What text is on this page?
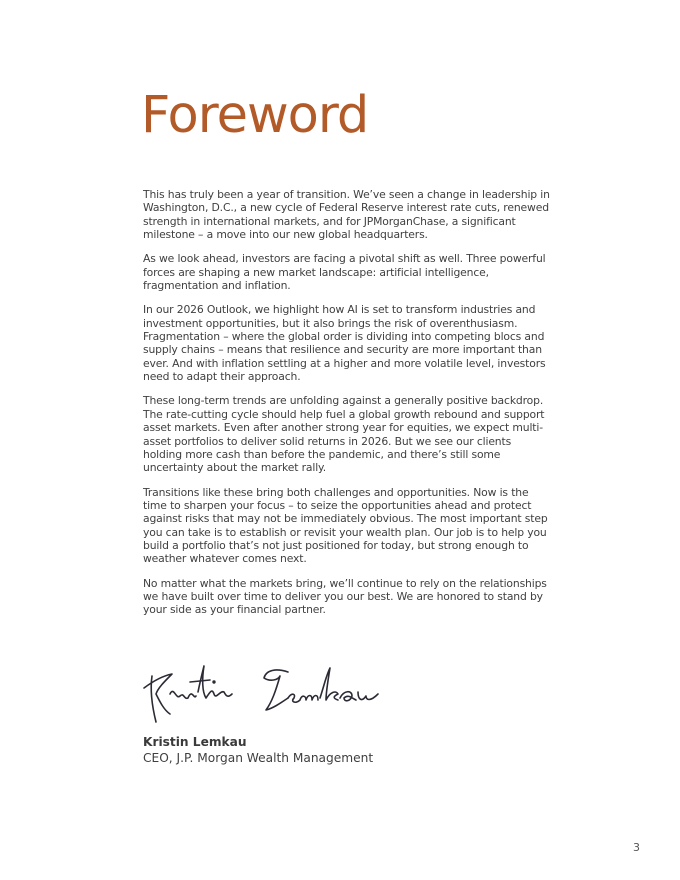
Foreword

This has truly been a year of transition. We’ve seen a change in leadership in Washington, D.C., a new cycle of Federal Reserve interest rate cuts, renewed strength in international markets, and for JPMorganChase, a significant milestone – a move into our new global headquarters.

As we look ahead, investors are facing a pivotal shift as well. Three powerful forces are shaping a new market landscape: artificial intelligence, fragmentation and inflation.

In our 2026 Outlook, we highlight how AI is set to transform industries and investment opportunities, but it also brings the risk of overenthusiasm. Fragmentation – where the global order is dividing into competing blocs and supply chains – means that resilience and security are more important than ever. And with inflation settling at a higher and more volatile level, investors need to adapt their approach.

These long-term trends are unfolding against a generally positive backdrop. The rate-cutting cycle should help fuel a global growth rebound and support asset markets. Even after another strong year for equities, we expect multi-asset portfolios to deliver solid returns in 2026. But we see our clients holding more cash than before the pandemic, and there’s still some uncertainty about the market rally.

Transitions like these bring both challenges and opportunities. Now is the time to sharpen your focus – to seize the opportunities ahead and protect against risks that may not be immediately obvious. The most important step you can take is to establish or revisit your wealth plan. Our job is to help you build a portfolio that’s not just positioned for today, but strong enough to weather whatever comes next.

No matter what the markets bring, we’ll continue to rely on the relationships we have built over time to deliver you our best. We are honored to stand by your side as your financial partner.

Kristin Lemkau

CEO, J.P. Morgan Wealth Management

3
